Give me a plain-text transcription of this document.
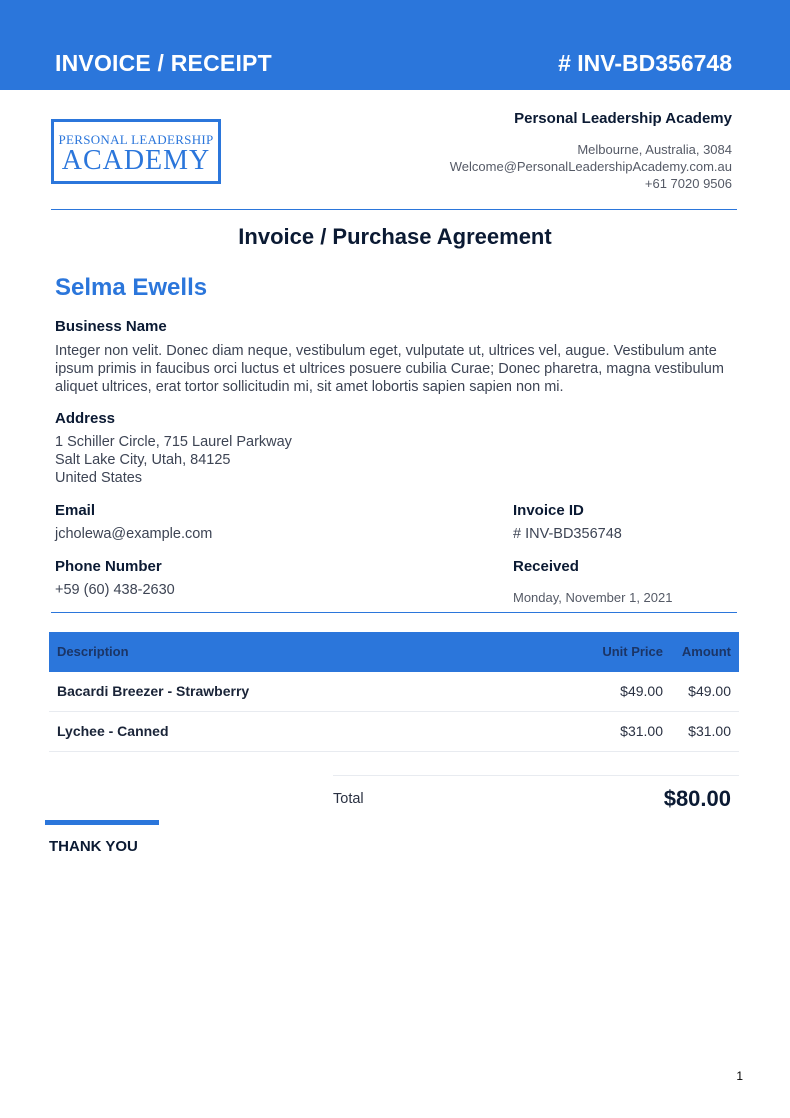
INVOICE / RECEIPT	# INV-BD356748
PERSONAL LEADERSHIP
ACADEMY
Personal Leadership Academy
Melbourne, Australia, 3084
Welcome@PersonalLeadershipAcademy.com.au
+61 7020 9506
Invoice / Purchase Agreement
Selma Ewells
Business Name
Integer non velit. Donec diam neque, vestibulum eget, vulputate ut, ultrices vel, augue. Vestibulum ante
ipsum primis in faucibus orci luctus et ultrices posuere cubilia Curae; Donec pharetra, magna vestibulum
aliquet ultrices, erat tortor sollicitudin mi, sit amet lobortis sapien sapien non mi.
Address
1 Schiller Circle, 715 Laurel Parkway
Salt Lake City, Utah, 84125
United States
Email
jcholewa@example.com
Invoice ID
# INV-BD356748
Phone Number
+59 (60) 438-2630
Received
Monday, November 1, 2021
Description	Unit Price Amount
Bacardi Breezer - Strawberry	$49.00 $49.00
Lychee - Canned	$31.00 $31.00
Total	$80.00
THANK YOU
1
